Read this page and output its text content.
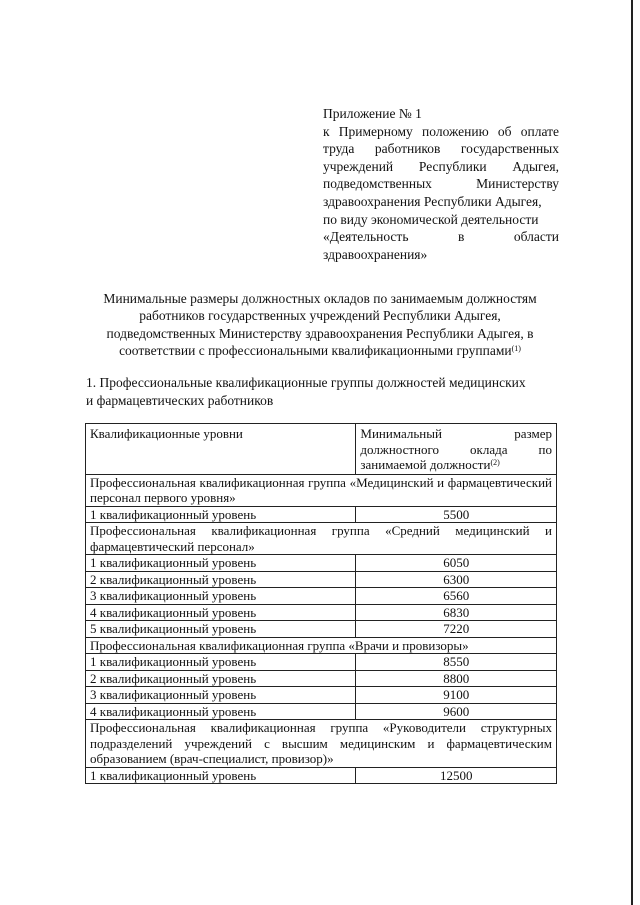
Приложение № 1
к Примерному положению об оплате
труда работников государственных
учреждений Республики Адыгея,
подведомственных Министерству
здравоохранения Республики Адыгея,
по виду экономической деятельности
«Деятельность в области
здравоохранения»
Минимальные размеры должностных окладов по занимаемым должностям
работников государственных учреждений Республики Адыгея,
подведомственных Министерству здравоохранения Республики Адыгея, в
соответствии с профессиональными квалификационными группами$^{(1)}$
1. Профессиональные квалификационные группы должностей медицинских
и фармацевтических работников
Квалификационные уровни	Минимальный размер должностного оклада по занимаемой должности$^{(2)}$
Профессиональная квалификационная группа «Медицинский и фармацевтический персонал первого уровня»	
1 квалификационный уровень	5500
Профессиональная квалификационная группа «Средний медицинский и фармацевтический персонал»	
1 квалификационный уровень	6050
2 квалификационный уровень	6300
3 квалификационный уровень	6560
4 квалификационный уровень	6830
5 квалификационный уровень	7220
Профессиональная квалификационная группа «Врачи и провизоры»	
1 квалификационный уровень	8550
2 квалификационный уровень	8800
3 квалификационный уровень	9100
4 квалификационный уровень	9600
Профессиональная квалификационная группа «Руководители структурных подразделений учреждений с высшим медицинским и фармацевтическим образованием (врач-специалист, провизор)»	
1 квалификационный уровень	12500
